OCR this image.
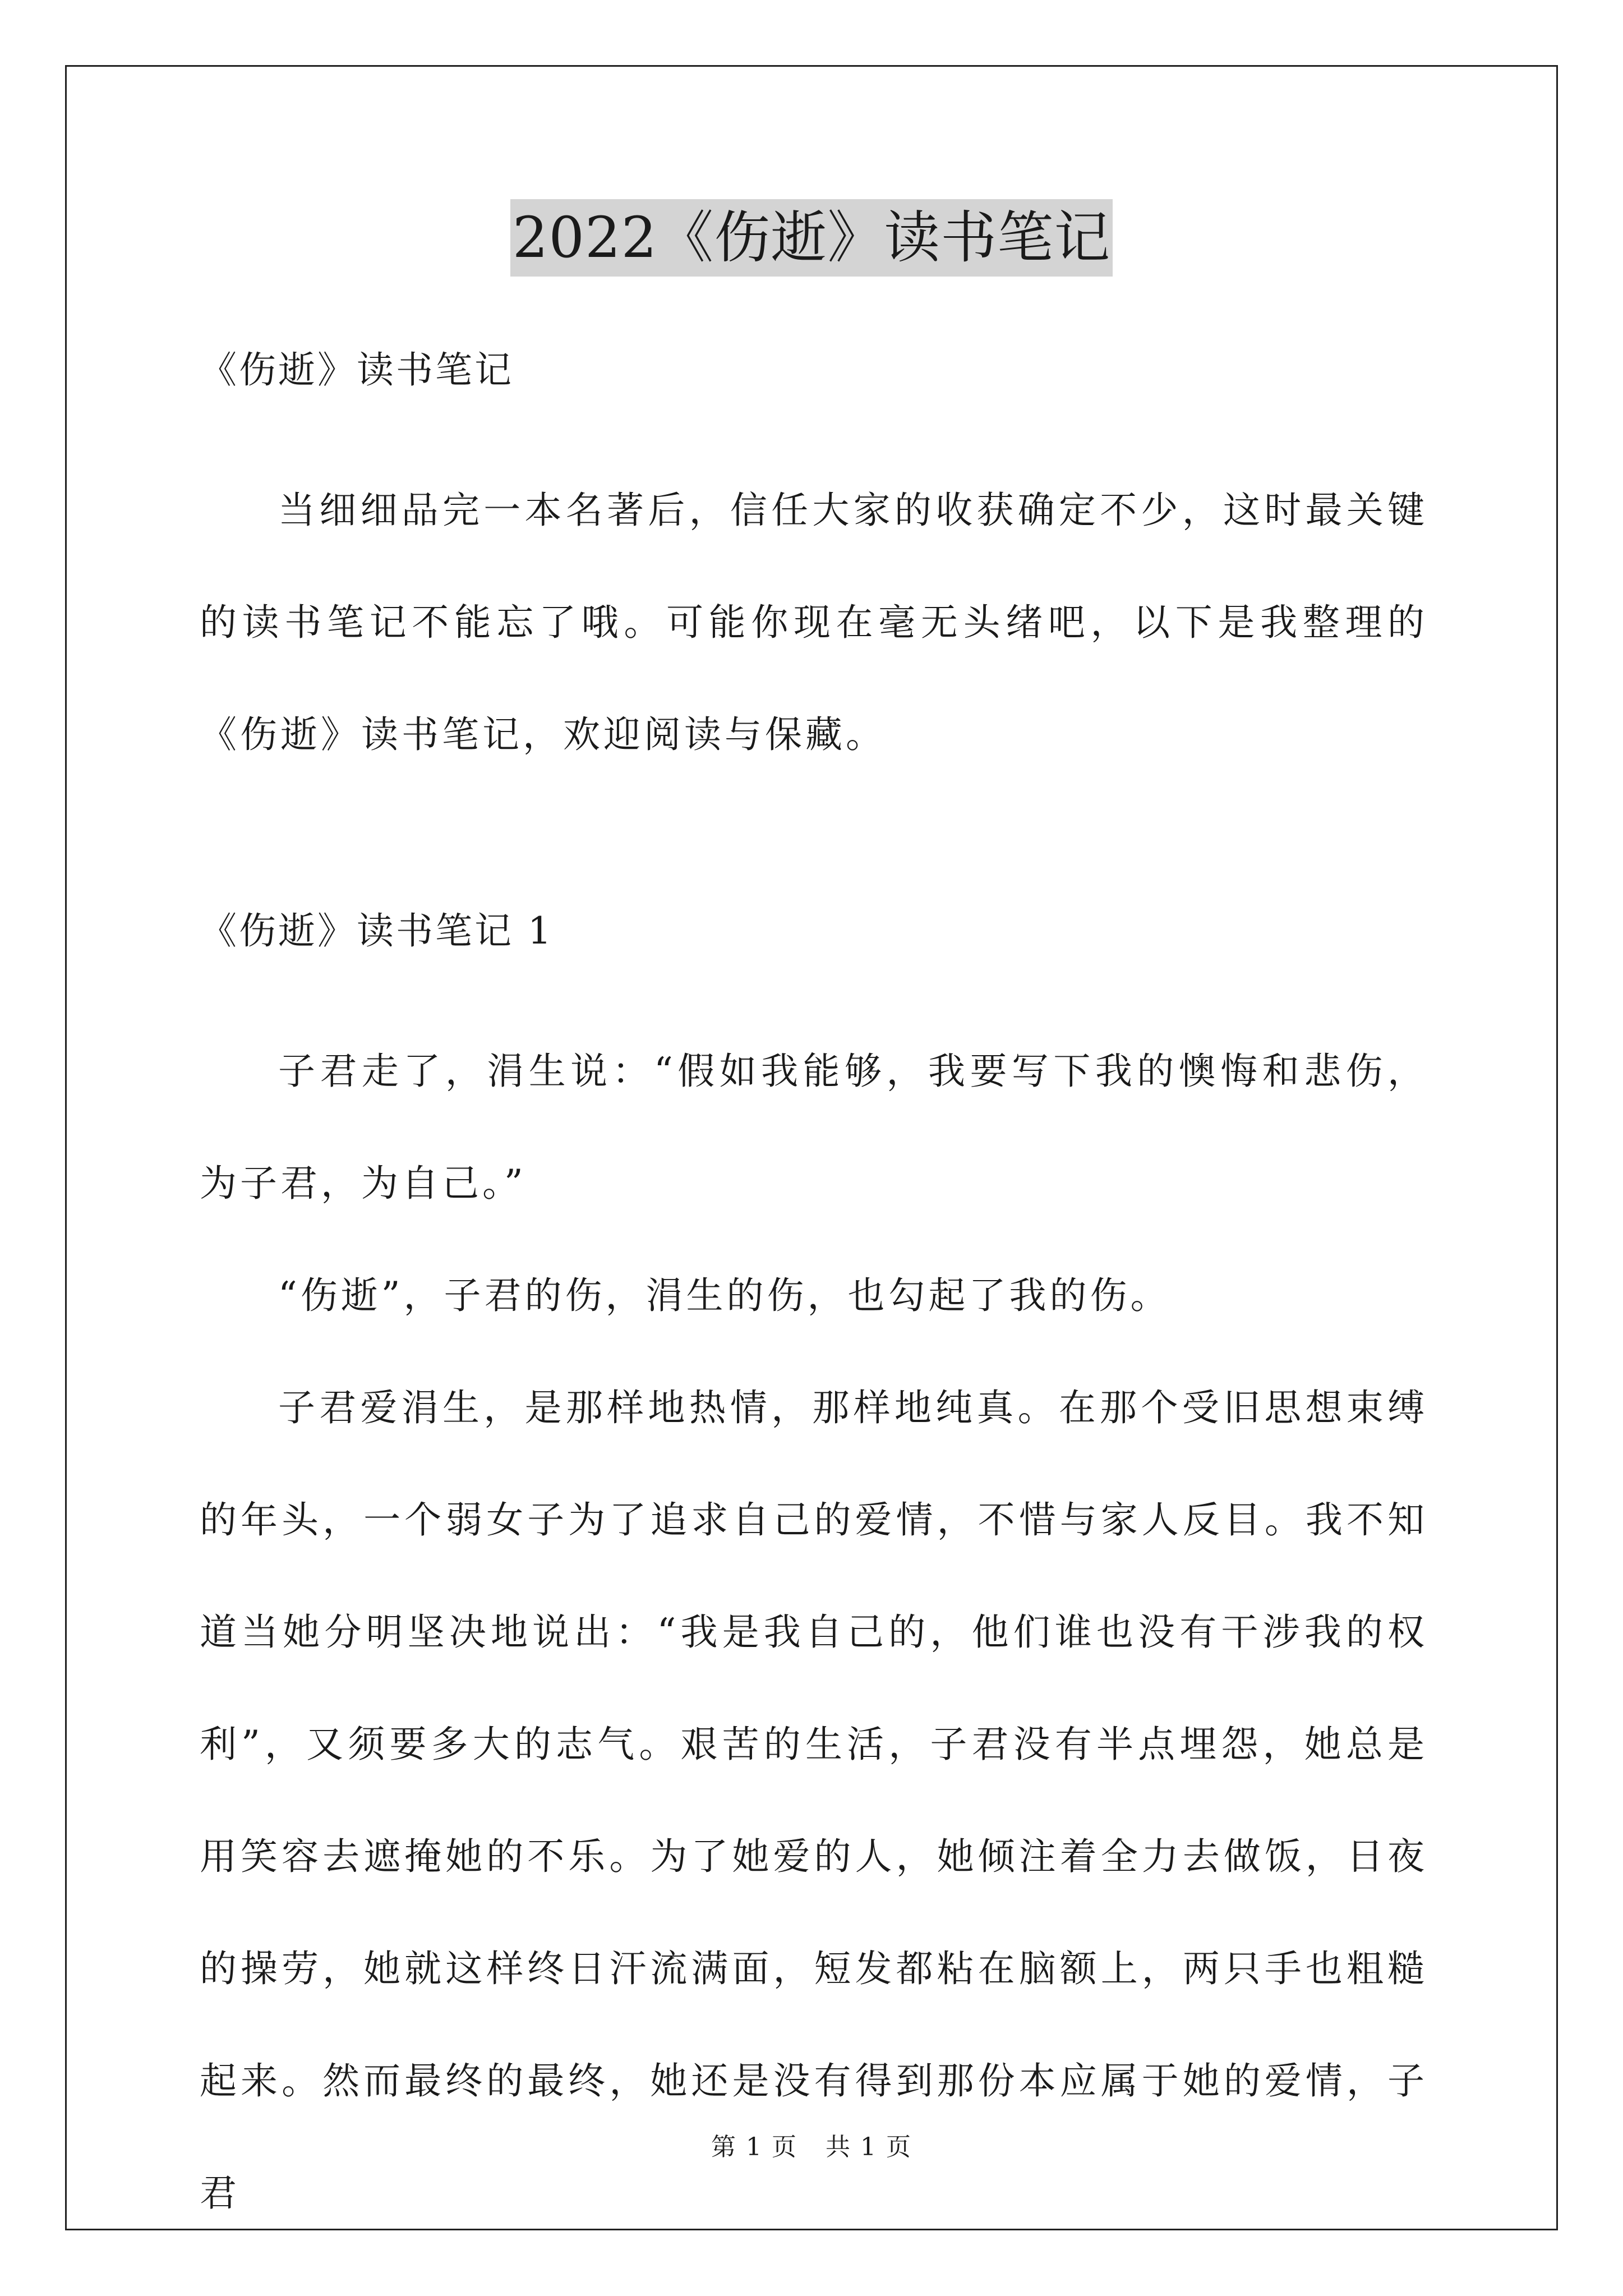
2022《伤逝》读书笔记

《伤逝》读书笔记

当细细品完一本名著后，信任大家的收获确定不少，这时最关键的读书笔记不能忘了哦。可能你现在毫无头绪吧，以下是我整理的《伤逝》读书笔记，欢迎阅读与保藏。

《伤逝》读书笔记 1

子君走了，涓生说：“假如我能够，我要写下我的懊悔和悲伤，为子君，为自己。”

“伤逝”，子君的伤，涓生的伤，也勾起了我的伤。

子君爱涓生，是那样地热情，那样地纯真。在那个受旧思想束缚的年头，一个弱女子为了追求自己的爱情，不惜与家人反目。我不知道当她分明坚决地说出：“我是我自己的，他们谁也没有干涉我的权利”，又须要多大的志气。艰苦的生活，子君没有半点埋怨，她总是用笑容去遮掩她的不乐。为了她爱的人，她倾注着全力去做饭，日夜的操劳，她就这样终日汗流满面，短发都粘在脑额上，两只手也粗糙起来。然而最终的最终，她还是没有得到那份本应属于她的爱情，子君

第 1 页 共 1 页
